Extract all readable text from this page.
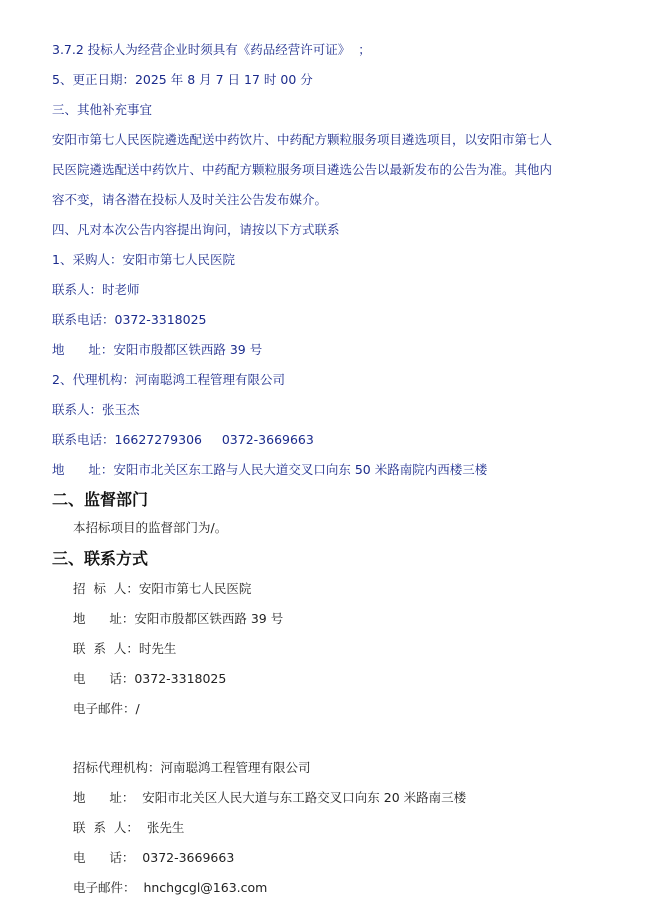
3.7.2 投标人为经营企业时须具有《药品经营许可证》  ；
5、更正日期：2025 年 8 月 7 日 17 时 00 分
三、其他补充事宜
安阳市第七人民医院遴选配送中药饮片、中药配方颗粒服务项目遴选项目，以安阳市第七人
民医院遴选配送中药饮片、中药配方颗粒服务项目遴选公告以最新发布的公告为准。其他内
容不变，请各潜在投标人及时关注公告发布媒介。
四、凡对本次公告内容提出询问，请按以下方式联系
1、采购人：安阳市第七人民医院
联系人：时老师
联系电话：0372-3318025
地      址：安阳市殷都区铁西路 39 号
2、代理机构：河南聪鸿工程管理有限公司
联系人：张玉杰
联系电话：16627279306     0372-3669663
地      址：安阳市北关区东工路与人民大道交叉口向东 50 米路南院内西楼三楼
二、监督部门
本招标项目的监督部门为/。
三、联系方式
招  标  人：安阳市第七人民医院
地      址：安阳市殷都区铁西路 39 号
联  系  人：时先生
电      话：0372-3318025
电子邮件：/
招标代理机构：河南聪鸿工程管理有限公司
地      址：  安阳市北关区人民大道与东工路交叉口向东 20 米路南三楼
联  系  人：  张先生
电      话：  0372-3669663
电子邮件：  hnchgcgl@163.com
